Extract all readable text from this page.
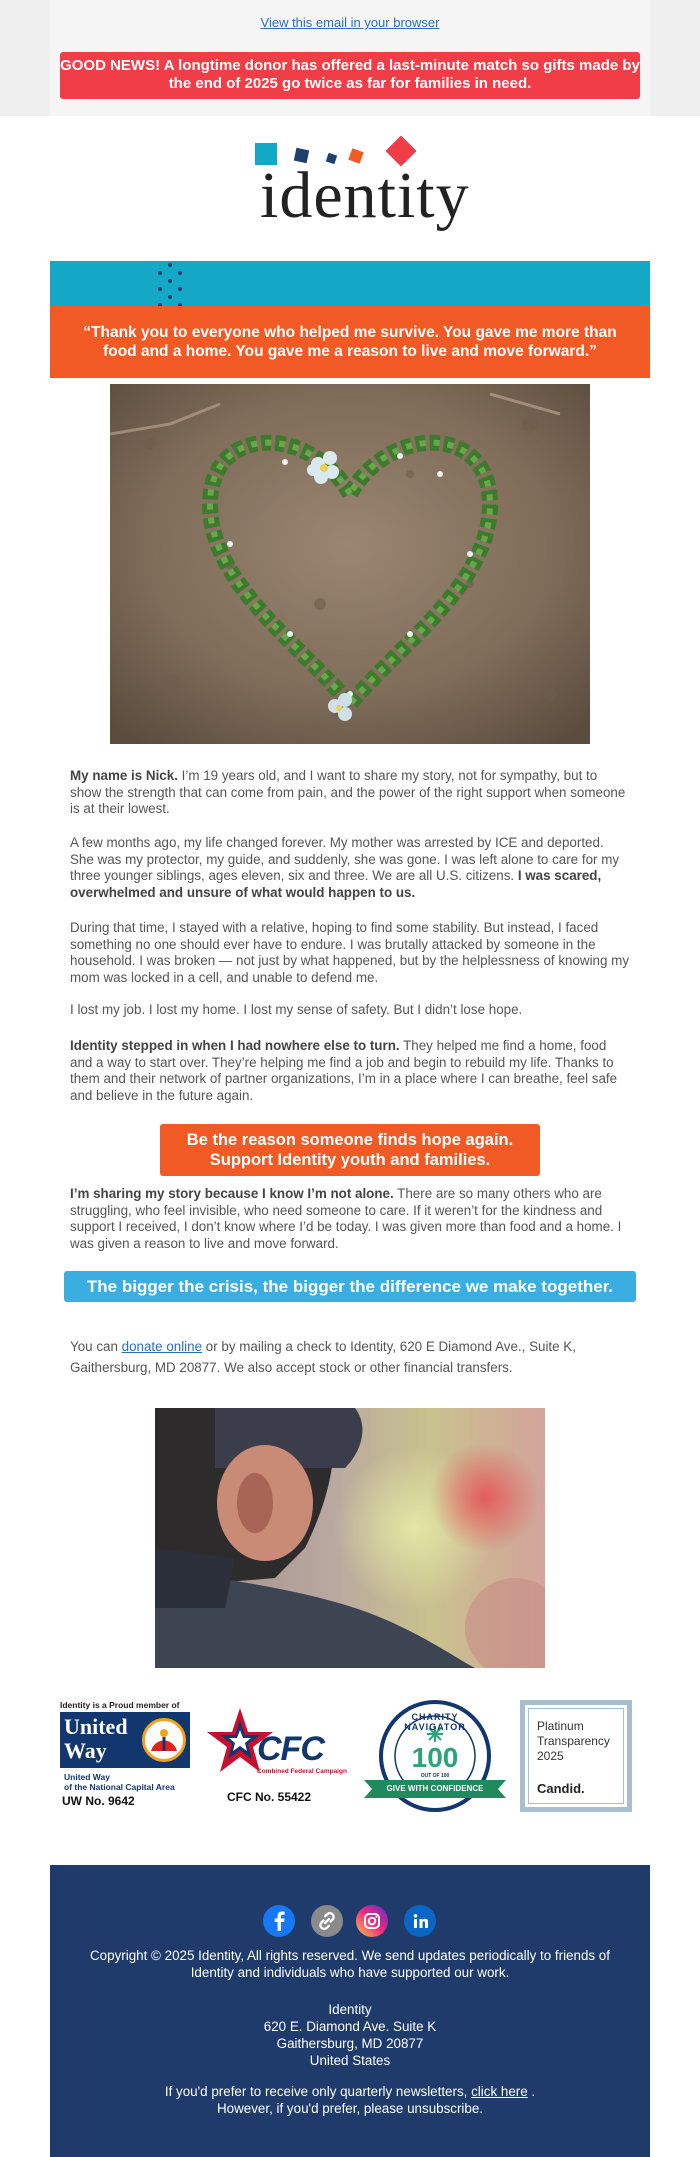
View this email in your browser
GOOD NEWS! A longtime donor has offered a last-minute match so gifts made by the end of 2025 go twice as far for families in need.
identity
“Thank you to everyone who helped me survive. You gave me more than food and a home. You gave me a reason to live and move forward.”
My name is Nick. I’m 19 years old, and I want to share my story, not for sympathy, but to show the strength that can come from pain, and the power of the right support when someone is at their lowest.
A few months ago, my life changed forever. My mother was arrested by ICE and deported. She was my protector, my guide, and suddenly, she was gone. I was left alone to care for my three younger siblings, ages eleven, six and three. We are all U.S. citizens. I was scared, overwhelmed and unsure of what would happen to us.
During that time, I stayed with a relative, hoping to find some stability. But instead, I faced something no one should ever have to endure. I was brutally attacked by someone in the household. I was broken — not just by what happened, but by the helplessness of knowing my mom was locked in a cell, and unable to defend me.
I lost my job. I lost my home. I lost my sense of safety. But I didn’t lose hope.
Identity stepped in when I had nowhere else to turn. They helped me find a home, food and a way to start over. They’re helping me find a job and begin to rebuild my life. Thanks to them and their network of partner organizations, I’m in a place where I can breathe, feel safe and believe in the future again.
Be the reason someone finds hope again.
Support Identity youth and families.
I’m sharing my story because I know I’m not alone. There are so many others who are struggling, who feel invisible, who need someone to care. If it weren’t for the kindness and support I received, I don’t know where I’d be today. I was given more than food and a home. I was given a reason to live and move forward.
The bigger the crisis, the bigger the difference we make together.
You can donate online or by mailing a check to Identity, 620 E Diamond Ave., Suite K, Gaithersburg, MD 20877. We also accept stock or other financial transfers.
Identity is a Proud member of
United
Way
United Way
of the National Capital Area
UW No. 9642
CFC
Combined Federal Campaign
CFC No. 55422
CHARITY NAVIGATOR
100
OUT OF 100
GIVE WITH CONFIDENCE
Platinum
Transparency
2025
Candid.
Copyright © 2025 Identity, All rights reserved. We send updates periodically to friends of Identity and individuals who have supported our work.
Identity
620 E. Diamond Ave. Suite K
Gaithersburg, MD 20877
United States
If you'd prefer to receive only quarterly newsletters, click here .
However, if you'd prefer, please unsubscribe.
